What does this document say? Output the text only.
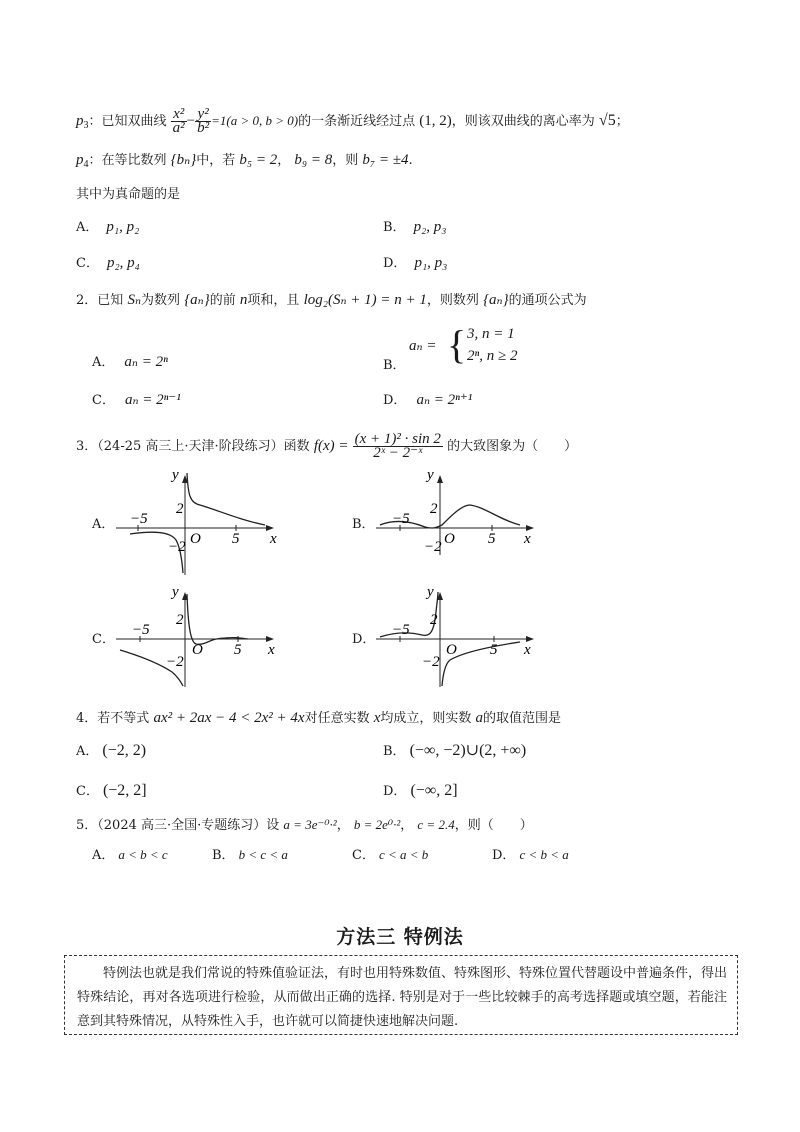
$p_3$：已知双曲线 $\frac{\text{x²}}{\text{a²}} - \frac{\text{y²}}{\text{b²}} =1(a > 0$, b > 0)的一条渐近线经过点 (1, 2)，则该双曲线的离心率为 √5；
$p_4$：在等比数列 {bₙ}中，若 b₅ = 2， b₉ = 8，则 b₇ = ±4.
其中为真命题的是
A． p₁, p₂	B． p₂, p₃
C． p₂, p₄	D． p₁, p₃
2．已知 Sₙ为数列 {aₙ}的前 n项和，且 log₂(Sₙ + 1) = n + 1，则数列 {aₙ}的通项公式为
A． aₙ = 2ⁿ	B．
aₙ = { 3, n = 1
2ⁿ, n ≥ 2
C． aₙ = 2ⁿ⁻¹	D． aₙ = 2ⁿ⁺¹
3．（24-25 高三上·天津·阶段练习）函数 $f(x) = \frac{\text{(x + 1)² · sin 2}}{\text{2ˣ − 2⁻ˣ}}$ 的大致图象为（　　）
A． −5
2
−2 O 5 x
y
B． −5
2
−2 O 5 x
y
C．
−5
2
−2
O 5 x
y
D．
−5
2
−2
O 5 x
y
4．若不等式 ax² + 2ax − 4 < 2x² + 4x对任意实数 x均成立，则实数 a的取值范围是
A． (−2, 2)	B． (−∞, −2)∪(2, +∞)
C． (−2, 2]	D． (−∞, 2]
5．（2024 高三·全国·专题练习）设 a = 3e⁻⁰·²， b = 2e⁰·²， c = 2.4，则（　　）
A． a < b < c	B． b < c < a	C． c < a < b	D． c < b < a
方法三 特例法

特例法也就是我们常说的特殊值验证法，有时也用特殊数值、特殊图形、特殊位置代替题设中普遍条件，得出特殊结论，再对各选项进行检验，从而做出正确的选择. 特别是对于一些比较棘手的高考选择题或填空题，若能注意到其特殊情况，从特殊性入手，也许就可以简捷快速地解决问题.
